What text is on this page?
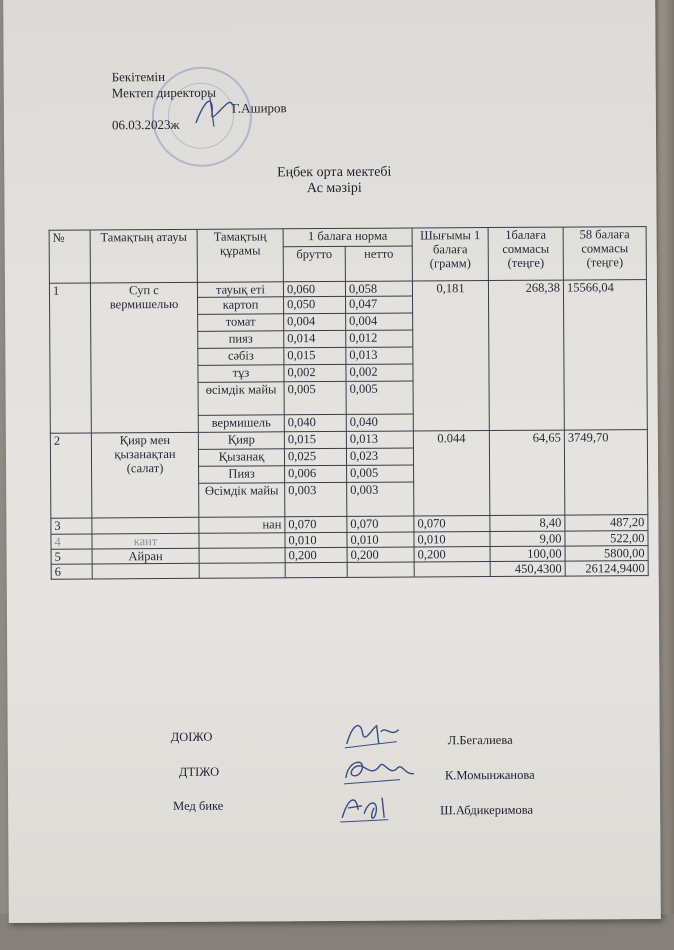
Бекітемін
Мектеп директоры
Г.Аширов
06.03.2023ж
Еңбек орта мектебі
Ас мәзірі
№	Тамақтың атауы	Тамақтың құрамы	1 балаға норма		Шығымы 1 балаға (грамм)	1балаға соммасы (теңге)	58 балаға соммасы (теңге)
			брутто	нетто			
1	Суп с вермишелью	тауық еті	0,060	0,058	0,181	268,38	15566,04
		картоп	0,050	0,047			
		томат	0,004	0,004			
		пияз	0,014	0,012			
		сәбіз	0,015	0,013			
		тұз	0,002	0,002			
		өсімдік майы	0,005	0,005			
		вермишель	0,040	0,040			
2	Қияр мен қызанақтан (салат)	Қияр	0,015	0,013	0.044	64,65	3749,70
		Қызанақ	0,025	0,023			
		Пияз	0,006	0,005			
		Өсімдік майы	0,003	0,003			
3		нан	0,070	0,070	0,070	8,40	487,20
4	кант		0,010	0,010	0,010	9,00	522,00
5	Айран		0,200	0,200	0,200	100,00	5800,00
6						450,4300	26124,9400
ДОІЖО	Л.Бегалиева
ДТІЖО	К.Момынжанова
Мед бике	Ш.Абдикеримова
